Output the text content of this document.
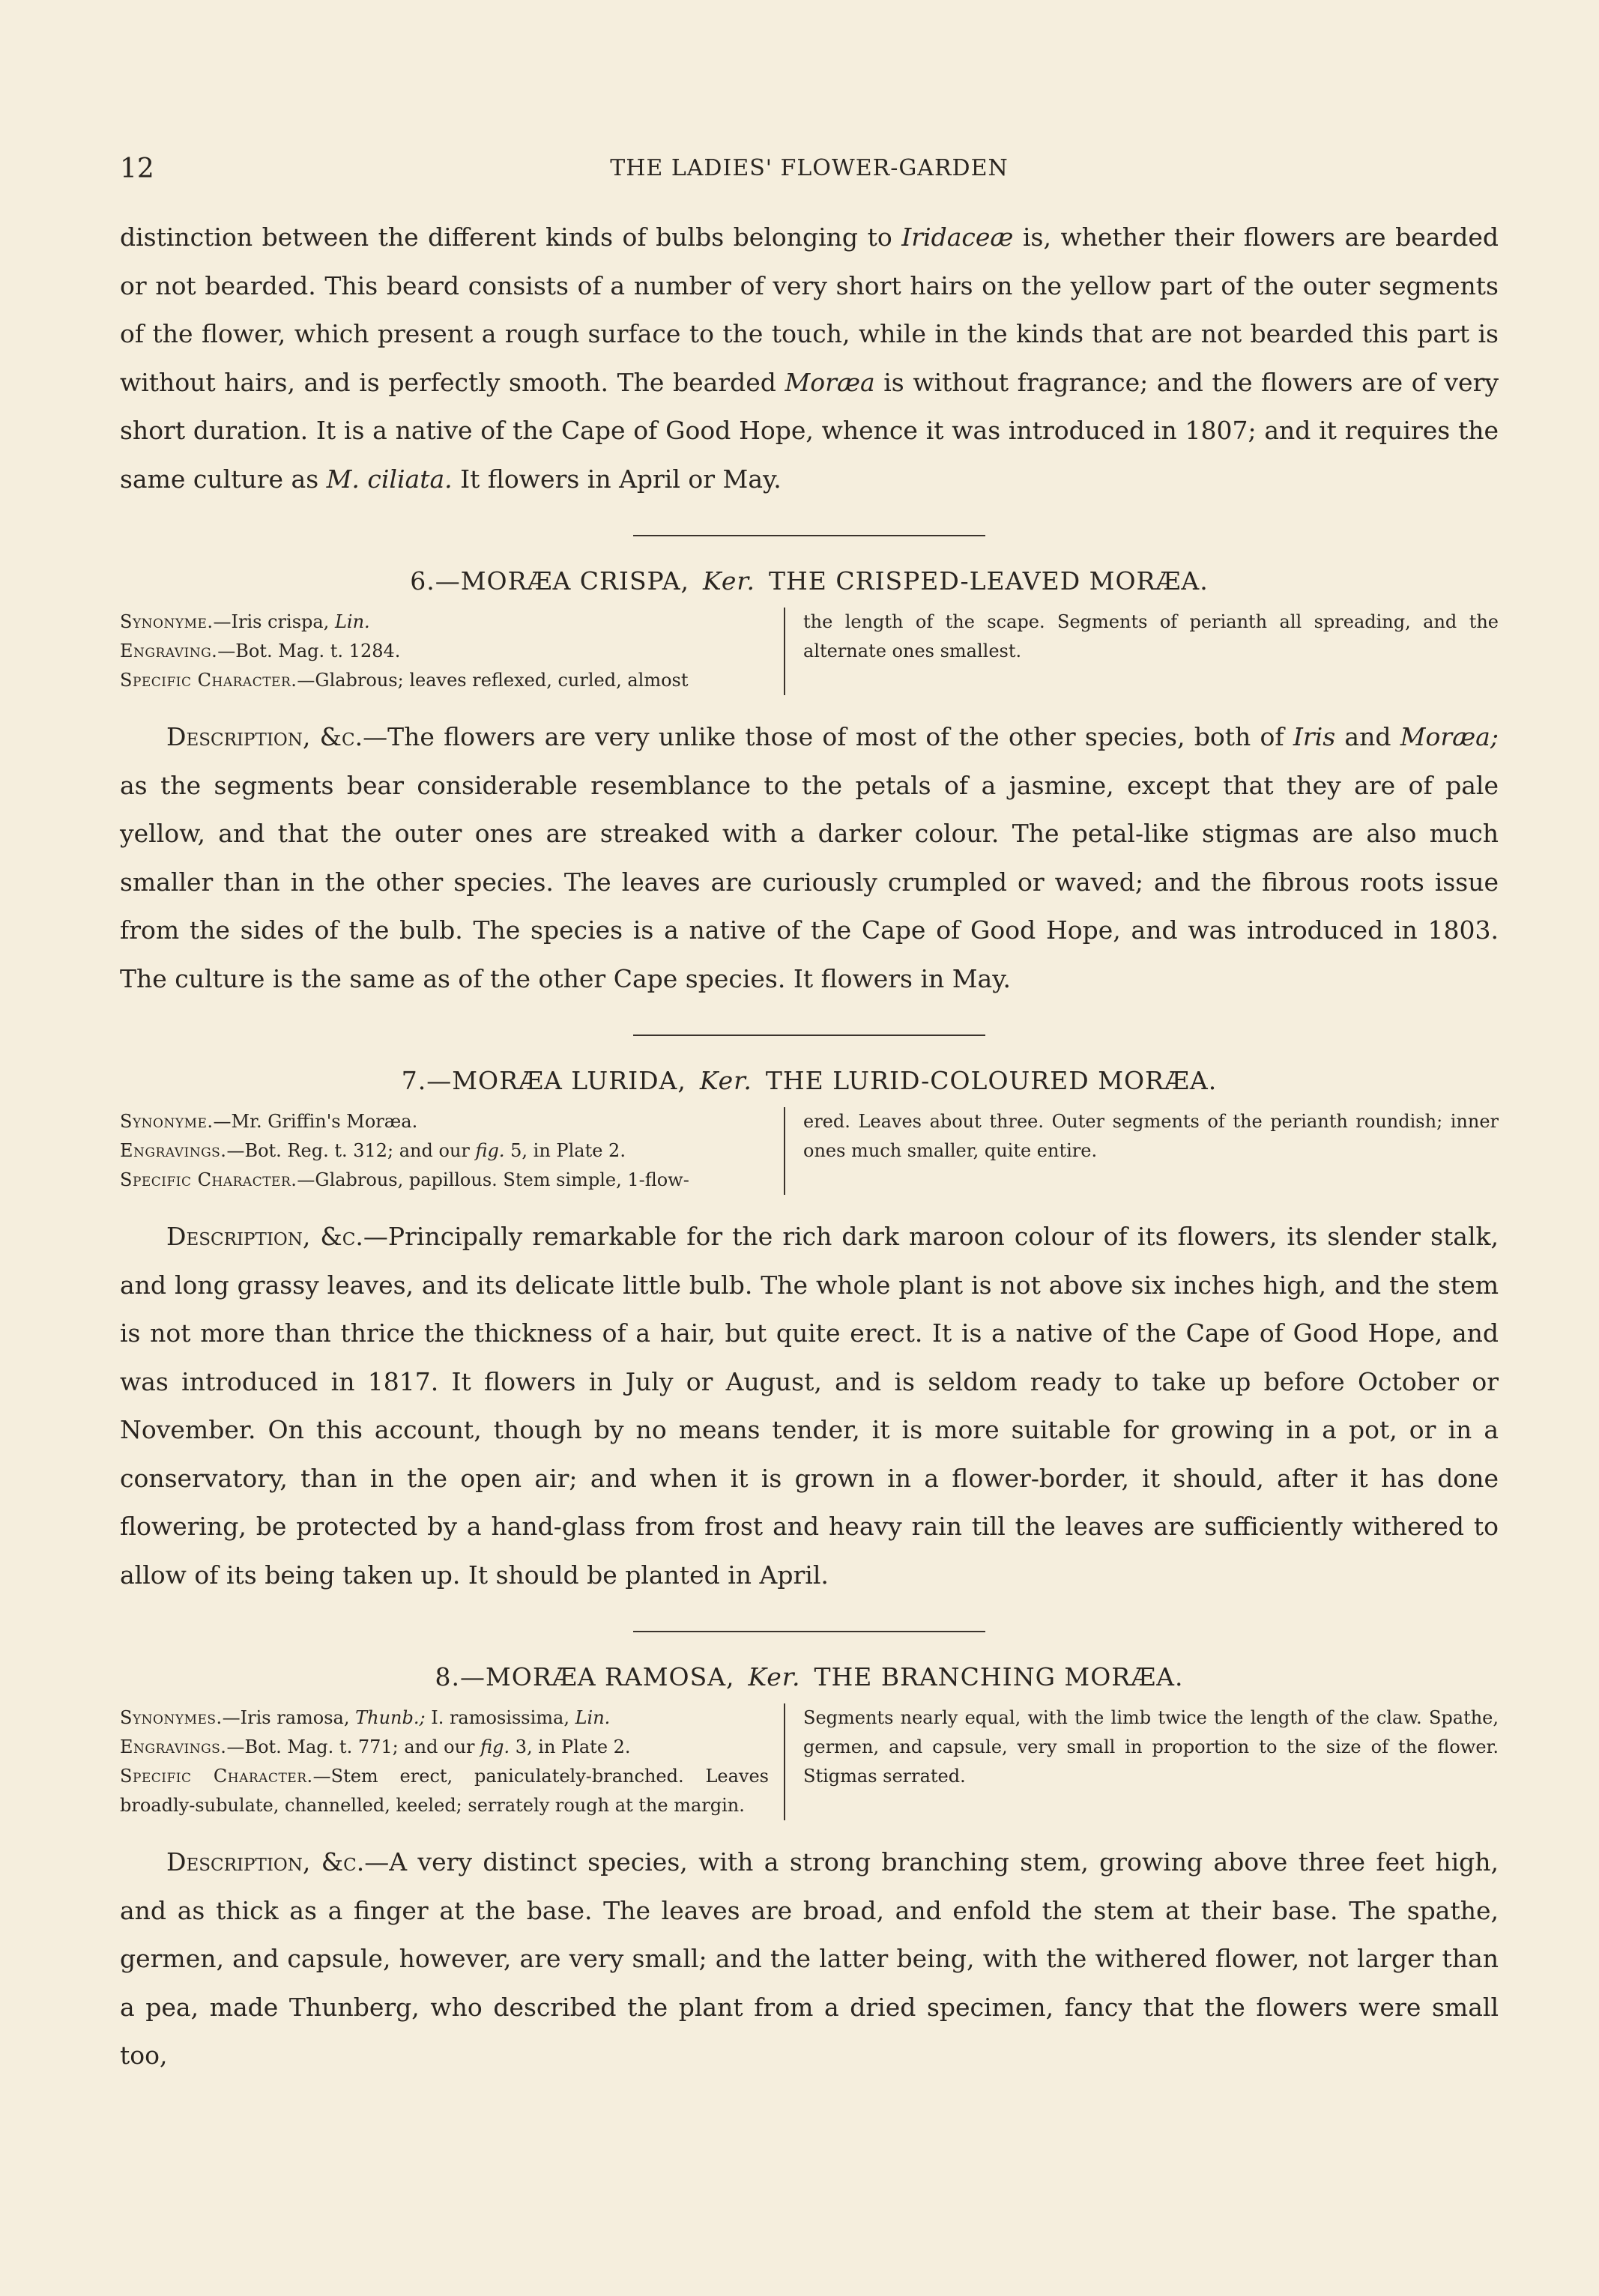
12	THE LADIES' FLOWER-GARDEN

distinction between the different kinds of bulbs belonging to Iridaceæ is, whether their flowers are bearded or not bearded. This beard consists of a number of very short hairs on the yellow part of the outer segments of the flower, which present a rough surface to the touch, while in the kinds that are not bearded this part is without hairs, and is perfectly smooth. The bearded Moræa is without fragrance; and the flowers are of very short duration. It is a native of the Cape of Good Hope, whence it was introduced in 1807; and it requires the same culture as M. ciliata. It flowers in April or May.

6.—MORÆA CRISPA, Ker. THE CRISPED-LEAVED MORÆA.
Synonyme.—Iris crispa, Lin.
Engraving.—Bot. Mag. t. 1284.
Specific Character.—Glabrous; leaves reflexed, curled, almost
the length of the scape. Segments of perianth all spreading, and the alternate ones smallest.

Description, &c.—The flowers are very unlike those of most of the other species, both of Iris and Moræa; as the segments bear considerable resemblance to the petals of a jasmine, except that they are of pale yellow, and that the outer ones are streaked with a darker colour. The petal-like stigmas are also much smaller than in the other species. The leaves are curiously crumpled or waved; and the fibrous roots issue from the sides of the bulb. The species is a native of the Cape of Good Hope, and was introduced in 1803. The culture is the same as of the other Cape species. It flowers in May.

7.—MORÆA LURIDA, Ker. THE LURID-COLOURED MORÆA.
Synonyme.—Mr. Griffin's Moræa.
Engravings.—Bot. Reg. t. 312; and our fig. 5, in Plate 2.
Specific Character.—Glabrous, papillous. Stem simple, 1-flow-
ered. Leaves about three. Outer segments of the perianth roundish; inner ones much smaller, quite entire.

Description, &c.—Principally remarkable for the rich dark maroon colour of its flowers, its slender stalk, and long grassy leaves, and its delicate little bulb. The whole plant is not above six inches high, and the stem is not more than thrice the thickness of a hair, but quite erect. It is a native of the Cape of Good Hope, and was introduced in 1817. It flowers in July or August, and is seldom ready to take up before October or November. On this account, though by no means tender, it is more suitable for growing in a pot, or in a conservatory, than in the open air; and when it is grown in a flower-border, it should, after it has done flowering, be protected by a hand-glass from frost and heavy rain till the leaves are sufficiently withered to allow of its being taken up. It should be planted in April.

8.—MORÆA RAMOSA, Ker. THE BRANCHING MORÆA.
Synonymes.—Iris ramosa, Thunb.; I. ramosissima, Lin.
Engravings.—Bot. Mag. t. 771; and our fig. 3, in Plate 2.
Specific Character.—Stem erect, paniculately-branched. Leaves broadly-subulate, channelled, keeled; serrately rough at the margin.
Segments nearly equal, with the limb twice the length of the claw. Spathe, germen, and capsule, very small in proportion to the size of the flower. Stigmas serrated.

Description, &c.—A very distinct species, with a strong branching stem, growing above three feet high, and as thick as a finger at the base. The leaves are broad, and enfold the stem at their base. The spathe, germen, and capsule, however, are very small; and the latter being, with the withered flower, not larger than a pea, made Thunberg, who described the plant from a dried specimen, fancy that the flowers were small too,
